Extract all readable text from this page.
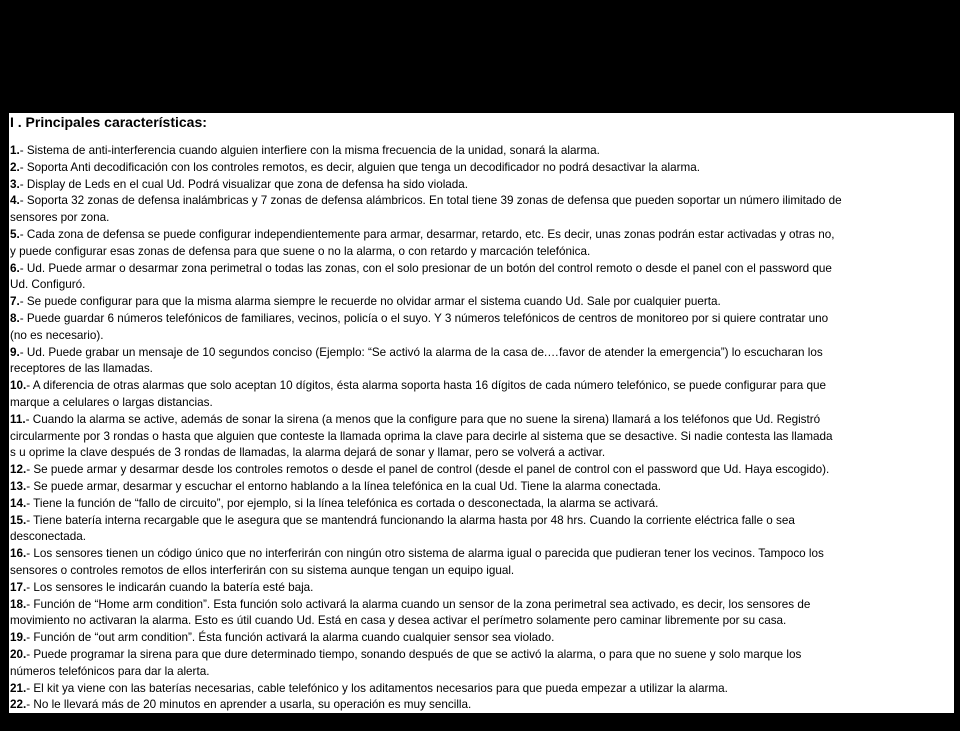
I . Principales características:
1.- Sistema de anti-interferencia cuando alguien interfiere con la misma frecuencia de la unidad, sonará la alarma.
2.- Soporta Anti decodificación con los controles remotos, es decir, alguien que tenga un decodificador no podrá desactivar la alarma.
3.- Display de Leds en el cual Ud. Podrá visualizar que zona de defensa ha sido violada.
4.- Soporta 32 zonas de defensa inalámbricas y 7 zonas de defensa alámbricos. En total tiene 39 zonas de defensa que pueden soportar un número ilimitado de
sensores por zona.
5.- Cada zona de defensa se puede configurar independientemente para armar, desarmar, retardo, etc. Es decir, unas zonas podrán estar activadas y otras no,
y puede configurar esas zonas de defensa para que suene o no la alarma, o con retardo y marcación telefónica.
6.- Ud. Puede armar o desarmar zona perimetral o todas las zonas, con el solo presionar de un botón del control remoto o desde el panel con el password que
Ud. Configuró.
7.- Se puede configurar para que la misma alarma siempre le recuerde no olvidar armar el sistema cuando Ud. Sale por cualquier puerta.
8.- Puede guardar 6 números telefónicos de familiares, vecinos, policía o el suyo. Y 3 números telefónicos de centros de monitoreo por si quiere contratar uno
(no es necesario).
9.- Ud. Puede grabar un mensaje de 10 segundos conciso (Ejemplo: “Se activó la alarma de la casa de.…favor de atender la emergencia”) lo escucharan los
receptores de las llamadas.
10.- A diferencia de otras alarmas que solo aceptan 10 dígitos, ésta alarma soporta hasta 16 dígitos de cada número telefónico, se puede configurar para que
marque a celulares o largas distancias.
11.- Cuando la alarma se active, además de sonar la sirena (a menos que la configure para que no suene la sirena) llamará a los teléfonos que Ud. Registró
circularmente por 3 rondas o hasta que alguien que conteste la llamada oprima la clave para decirle al sistema que se desactive. Si nadie contesta las llamada
s u oprime la clave después de 3 rondas de llamadas, la alarma dejará de sonar y llamar, pero se volverá a activar.
12.- Se puede armar y desarmar desde los controles remotos o desde el panel de control (desde el panel de control con el password que Ud. Haya escogido).
13.- Se puede armar, desarmar y escuchar el entorno hablando a la línea telefónica en la cual Ud. Tiene la alarma conectada.
14.- Tiene la función de “fallo de circuito”, por ejemplo, si la línea telefónica es cortada o desconectada, la alarma se activará.
15.- Tiene batería interna recargable que le asegura que se mantendrá funcionando la alarma hasta por 48 hrs. Cuando la corriente eléctrica falle o sea
desconectada.
16.- Los sensores tienen un código único que no interferirán con ningún otro sistema de alarma igual o parecida que pudieran tener los vecinos. Tampoco los
sensores o controles remotos de ellos interferirán con su sistema aunque tengan un equipo igual.
17.- Los sensores le indicarán cuando la batería esté baja.
18.- Función de “Home arm condition”. Esta función solo activará la alarma cuando un sensor de la zona perimetral sea activado, es decir, los sensores de
movimiento no activaran la alarma. Esto es útil cuando Ud. Está en casa y desea activar el perímetro solamente pero caminar libremente por su casa.
19.- Función de “out arm condition”. Ésta función activará la alarma cuando cualquier sensor sea violado.
20.- Puede programar la sirena para que dure determinado tiempo, sonando después de que se activó la alarma, o para que no suene y solo marque los
números telefónicos para dar la alerta.
21.- El kit ya viene con las baterías necesarias, cable telefónico y los aditamentos necesarios para que pueda empezar a utilizar la alarma.
22.- No le llevará más de 20 minutos en aprender a usarla, su operación es muy sencilla.
23.- Sirena de 110 decibeles.
